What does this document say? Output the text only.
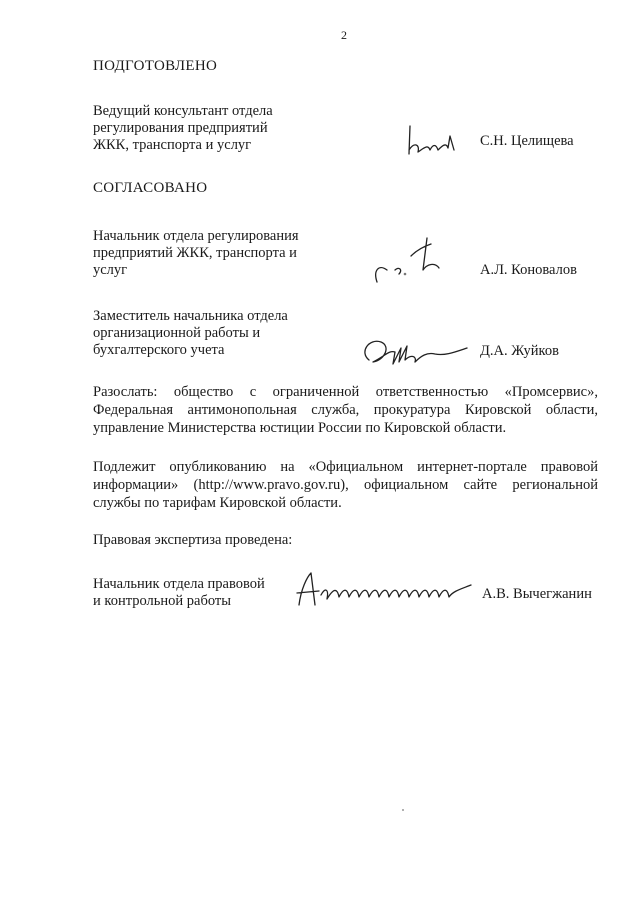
2
ПОДГОТОВЛЕНО
Ведущий консультант отдела
регулирования предприятий
ЖКК, транспорта и услуг	С.Н. Целищева
СОГЛАСОВАНО
Начальник отдела регулирования
предприятий ЖКК, транспорта и
услуг	А.Л. Коновалов
Заместитель начальника отдела
организационной работы и
бухгалтерского учета	Д.А. Жуйков
Разослать: общество с ограниченной ответственностью «Промсервис», Федеральная антимонопольная служба, прокуратура Кировской области, управление Министерства юстиции России по Кировской области.
Подлежит опубликованию на «Официальном интернет-портале правовой информации» (http://www.pravo.gov.ru), официальном сайте региональной службы по тарифам Кировской области.
Правовая экспертиза проведена:
Начальник отдела правовой
и контрольной работы	А.В. Вычегжанин
